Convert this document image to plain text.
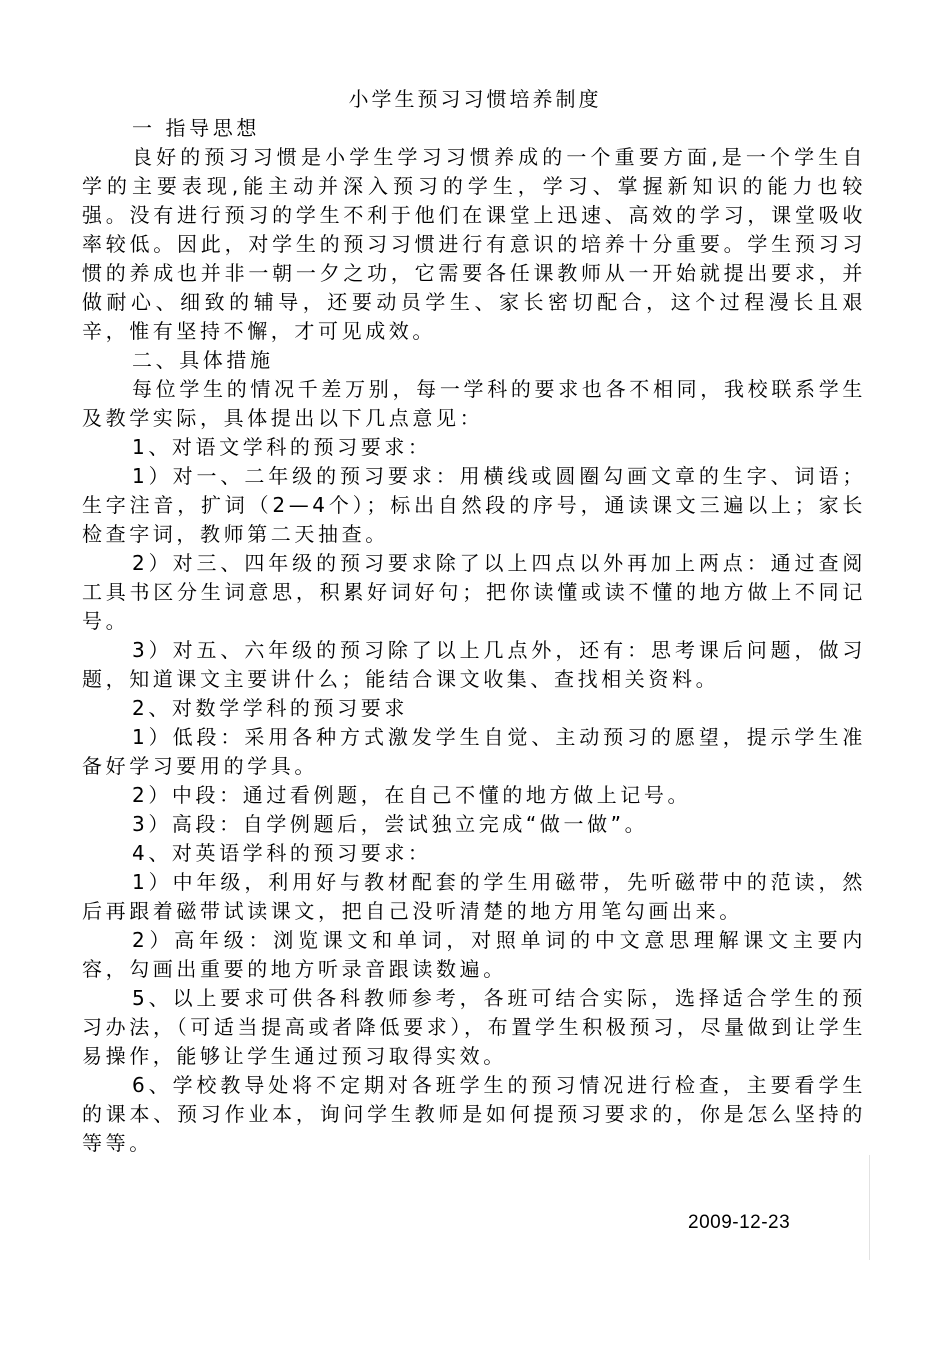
小学生预习习惯培养制度

一 指导思想

良好的预习习惯是小学生学习习惯养成的一个重要方面,是一个学生自学的主要表现,能主动并深入预习的学生，学习、掌握新知识的能力也较强。没有进行预习的学生不利于他们在课堂上迅速、高效的学习，课堂吸收率较低。因此，对学生的预习习惯进行有意识的培养十分重要。学生预习习惯的养成也并非一朝一夕之功，它需要各任课教师从一开始就提出要求，并做耐心、细致的辅导，还要动员学生、家长密切配合，这个过程漫长且艰辛，惟有坚持不懈，才可见成效。

二、具体措施

每位学生的情况千差万别，每一学科的要求也各不相同，我校联系学生及教学实际，具体提出以下几点意见：

1、对语文学科的预习要求：

1）对一、二年级的预习要求：用横线或圆圈勾画文章的生字、词语；生字注音，扩词（2—4个）；标出自然段的序号，通读课文三遍以上；家长检查字词，教师第二天抽查。

2）对三、四年级的预习要求除了以上四点以外再加上两点：通过查阅工具书区分生词意思，积累好词好句；把你读懂或读不懂的地方做上不同记号。

3）对五、六年级的预习除了以上几点外，还有：思考课后问题，做习题，知道课文主要讲什么；能结合课文收集、查找相关资料。

2、对数学学科的预习要求

1）低段：采用各种方式激发学生自觉、主动预习的愿望，提示学生准备好学习要用的学具。

2）中段：通过看例题，在自己不懂的地方做上记号。

3）高段：自学例题后，尝试独立完成“做一做”。

4、对英语学科的预习要求：

1）中年级，利用好与教材配套的学生用磁带，先听磁带中的范读，然后再跟着磁带试读课文，把自己没听清楚的地方用笔勾画出来。

2）高年级：浏览课文和单词，对照单词的中文意思理解课文主要内容，勾画出重要的地方听录音跟读数遍。

5、以上要求可供各科教师参考，各班可结合实际，选择适合学生的预习办法，（可适当提高或者降低要求），布置学生积极预习，尽量做到让学生易操作，能够让学生通过预习取得实效。

6、学校教导处将不定期对各班学生的预习情况进行检查，主要看学生的课本、预习作业本，询问学生教师是如何提预习要求的，你是怎么坚持的等等。

2009-12-23
